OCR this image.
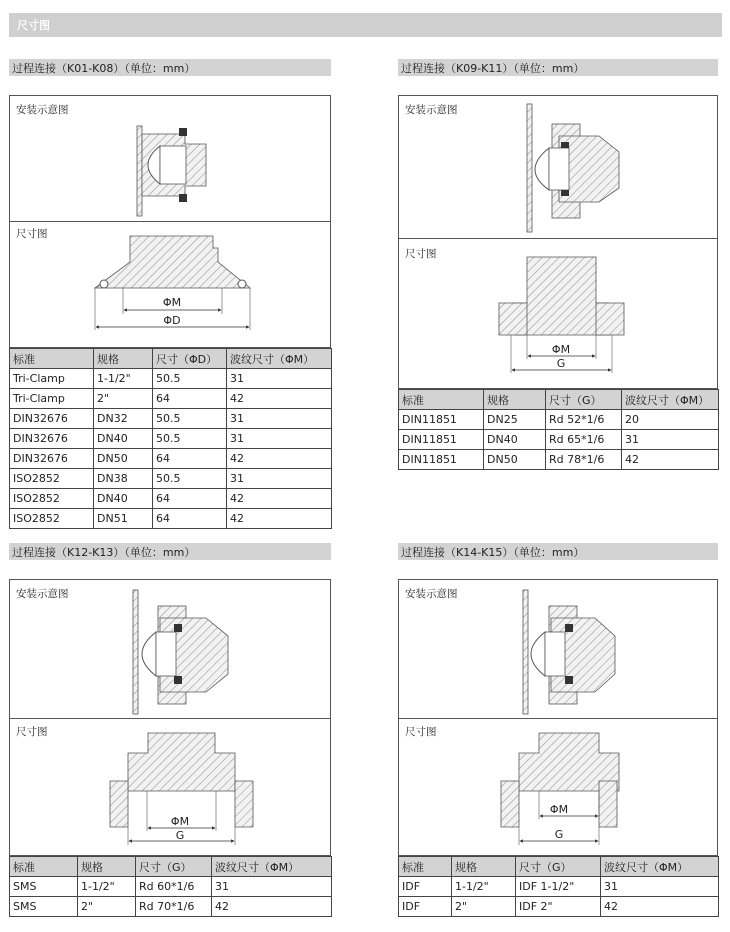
尺寸图
过程连接（K01-K08）（单位：mm）
安装示意图
尺寸图
ΦM
ΦD
标准	规格	尺寸（ΦD）	波纹尺寸（ΦM）
Tri-Clamp	1-1/2"	50.5	31
Tri-Clamp	2"	64	42
DIN32676	DN32	50.5	31
DIN32676	DN40	50.5	31
DIN32676	DN50	64	42
ISO2852	DN38	50.5	31
ISO2852	DN40	64	42
ISO2852	DN51	64	42
过程连接（K09-K11）（单位：mm）
安装示意图
尺寸图
ΦM
G
标准	规格	尺寸（G）	波纹尺寸（ΦM）
DIN11851	DN25	Rd 52*1/6	20
DIN11851	DN40	Rd 65*1/6	31
DIN11851	DN50	Rd 78*1/6	42
过程连接（K12-K13）（单位：mm）
安装示意图
尺寸图
ΦM
G
标准	规格	尺寸（G）	波纹尺寸（ΦM）
SMS	1-1/2"	Rd 60*1/6	31
SMS	2"	Rd 70*1/6	42
过程连接（K14-K15）（单位：mm）
安装示意图
尺寸图
ΦM
G
标准	规格	尺寸（G）	波纹尺寸（ΦM）
IDF	1-1/2"	IDF 1-1/2"	31
IDF	2"	IDF 2"	42
